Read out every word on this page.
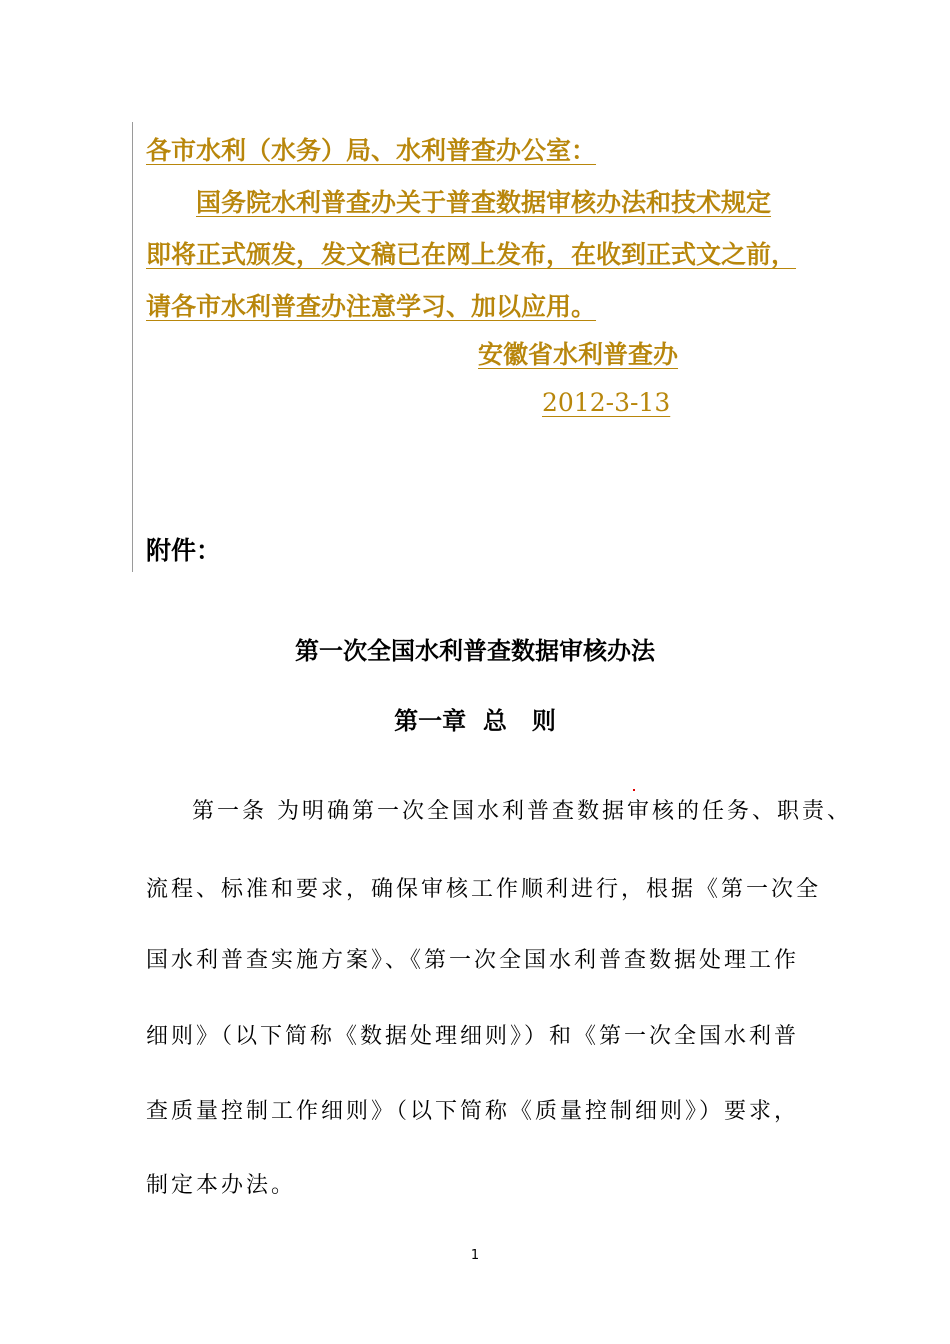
各市水利（水务）局、水利普查办公室：
国务院水利普查办关于普查数据审核办法和技术规定
即将正式颁发，发文稿已在网上发布，在收到正式文之前，
请各市水利普查办注意学习、加以应用。
安徽省水利普查办
2012-3-13
附件：
第一次全国水利普查数据审核办法
第一章  总   则
第一条 为明确第一次全国水利普查数据审核的任务、职责、
流程、标准和要求，确保审核工作顺利进行，根据《第一次全
国水利普查实施方案》、《第一次全国水利普查数据处理工作
细则》（以下简称《数据处理细则》）和《第一次全国水利普
查质量控制工作细则》（以下简称《质量控制细则》）要求，
制定本办法。
1
